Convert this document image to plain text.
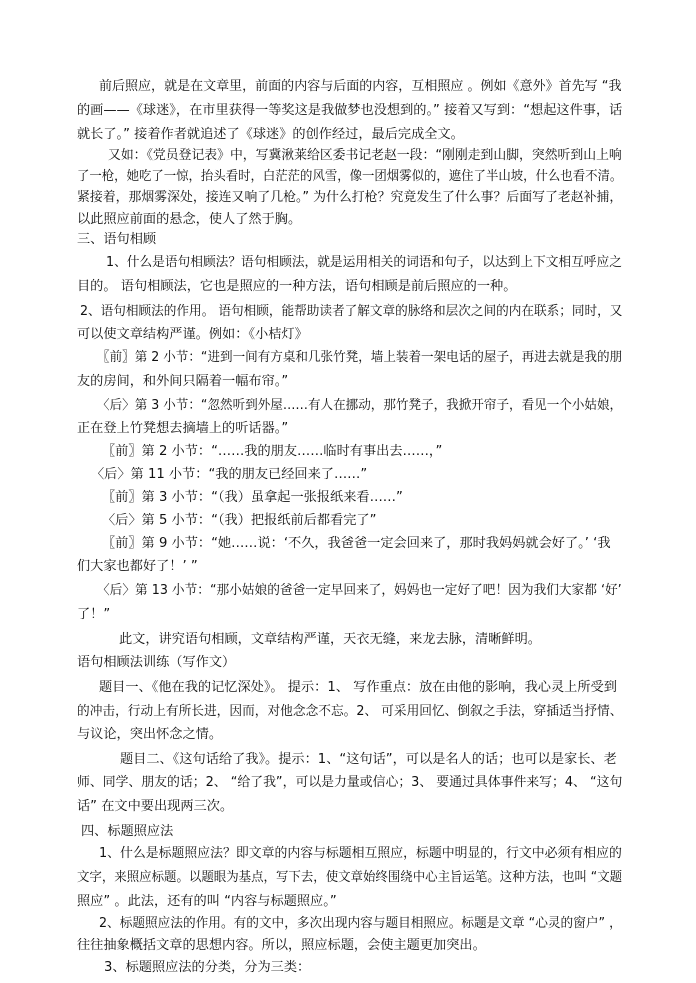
前后照应，就是在文章里，前面的内容与后面的内容，互相照应 。例如《意外》首先写 “我
的画——《球迷》，在市里获得一等奖这是我做梦也没想到的。” 接着又写到：“想起这件事，话
就长了。” 接着作者就追述了《球迷》的创作经过，最后完成全文。
又如：《党员登记表》中，写冀湫莱给区委书记老赵一段：“刚刚走到山脚，突然听到山上响
了一枪，她吃了一惊，抬头看时，白茫茫的风雪，像一团烟雾似的，遮住了半山坡，什么也看不清。
紧接着，那烟雾深处，接连又响了几枪。” 为什么打枪？究竟发生了什么事？后面写了老赵补捕，
以此照应前面的悬念，使人了然于胸。
三、语句相顾
1、什么是语句相顾法？语句相顾法，就是运用相关的词语和句子，以达到上下文相互呼应之
目的。 语句相顾法，它也是照应的一种方法，语句相顾是前后照应的一种。
2、语句相顾法的作用。 语句相顾，能帮助读者了解文章的脉络和层次之间的内在联系；同时，又
可以使文章结构严谨。例如：《小桔灯》
〖前〗第 2 小节：“进到一间有方桌和几张竹凳，墙上装着一架电话的屋子，再进去就是我的朋
友的房间，和外间只隔着一幅布帘。”
〈后〉第 3 小节：“忽然听到外屋……有人在挪动，那竹凳子，我掀开帘子，看见一个小姑娘，
正在登上竹凳想去摘墙上的听话器。”
〖前〗第 2 小节：“……我的朋友……临时有事出去……，”
〈后〉第 11 小节：“我的朋友已经回来了……”
〖前〗第 3 小节：“（我）虽拿起一张报纸来看……”
〈后〉第 5 小节：“（我）把报纸前后都看完了”
〖前〗第 9 小节：“她……说：‘不久，我爸爸一定会回来了，那时我妈妈就会好了。’ ‘我
们大家也都好了！’ ”
〈后〉第 13 小节：“那小姑娘的爸爸一定早回来了，妈妈也一定好了吧！因为我们大家都 ‘好’
了！”
此文，讲究语句相顾，文章结构严谨，天衣无缝，来龙去脉，清晰鲜明。
语句相顾法训练（写作文）
题目一、《他在我的记忆深处》。 提示：1、 写作重点：放在由他的影响，我心灵上所受到
的冲击，行动上有所长进，因而，对他念念不忘。2、 可采用回忆、倒叙之手法，穿插适当抒情、
与议论，突出怀念之情。
题目二、《这句话给了我》。提示：1、“这句话”，可以是名人的话；也可以是家长、老
师、同学、朋友的话；2、 “给了我”，可以是力量或信心；3、 要通过具体事件来写；4、 “这句
话” 在文中要出现两三次。
四、标题照应法
1、什么是标题照应法？即文章的内容与标题相互照应，标题中明显的，行文中必须有相应的
文字，来照应标题。以题眼为基点，写下去，使文章始终围绕中心主旨运笔。这种方法，也叫 “文题
照应” 。此法，还有的叫 “内容与标题照应。”
2、标题照应法的作用。有的文中，多次出现内容与题目相照应。标题是文章 “心灵的窗户” ，
往往抽象概括文章的思想内容。所以，照应标题，会使主题更加突出。
3、标题照应法的分类，分为三类：
